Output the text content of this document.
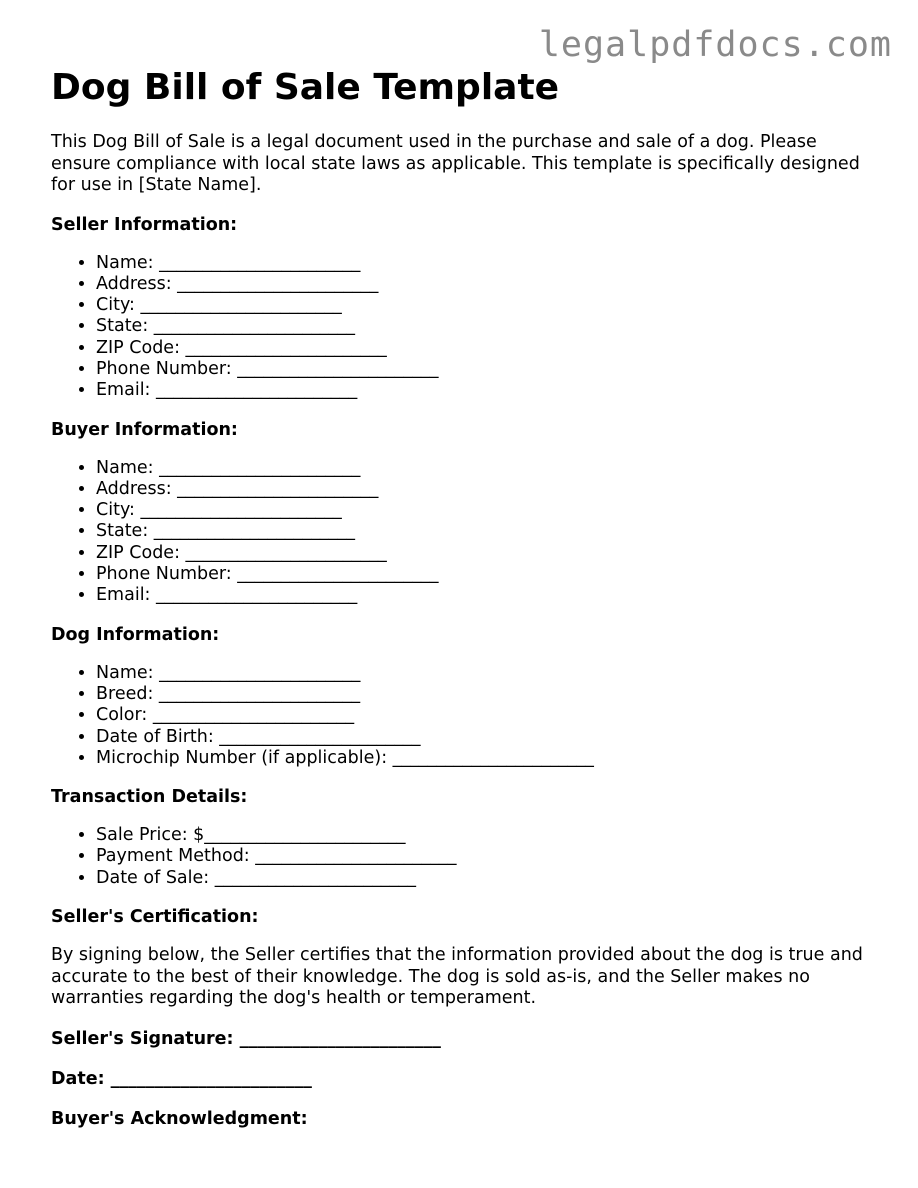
legalpdfdocs.com
Dog Bill of Sale Template

This Dog Bill of Sale is a legal document used in the purchase and sale of a dog. Please ensure compliance with local state laws as applicable. This template is specifically designed for use in [State Name].

Seller Information:
• Name: _______________________
• Address: _______________________
• City: _______________________
• State: _______________________
• ZIP Code: _______________________
• Phone Number: _______________________
• Email: _______________________
Buyer Information:
• Name: _______________________
• Address: _______________________
• City: _______________________
• State: _______________________
• ZIP Code: _______________________
• Phone Number: _______________________
• Email: _______________________
Dog Information:
• Name: _______________________
• Breed: _______________________
• Color: _______________________
• Date of Birth: _______________________
• Microchip Number (if applicable): _______________________
Transaction Details:
• Sale Price: $_______________________
• Payment Method: _______________________
• Date of Sale: _______________________
Seller's Certification:

By signing below, the Seller certifies that the information provided about the dog is true and accurate to the best of their knowledge. The dog is sold as-is, and the Seller makes no warranties regarding the dog's health or temperament.

Seller's Signature: _______________________
Date: _______________________
Buyer's Acknowledgment:
